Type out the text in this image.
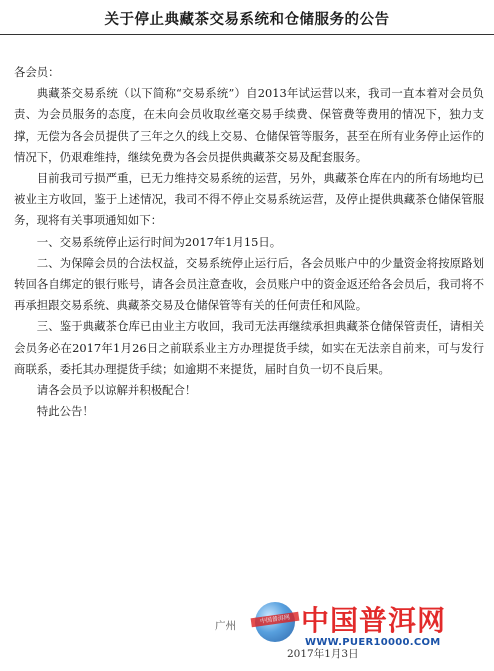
关于停止典藏茶交易系统和仓储服务的公告

各会员：

典藏茶交易系统（以下简称“交易系统”）自2013年试运营以来，我司一直本着对会员负责、为会员服务的态度，在未向会员收取丝毫交易手续费、保管费等费用的情况下，独力支撑，无偿为各会员提供了三年之久的线上交易、仓储保管等服务，甚至在所有业务停止运作的情况下，仍艰难维持，继续免费为各会员提供典藏茶交易及配套服务。

目前我司亏损严重，已无力维持交易系统的运营，另外，典藏茶仓库在内的所有场地均已被业主方收回，鉴于上述情况，我司不得不停止交易系统运营，及停止提供典藏茶仓储保管服务，现将有关事项通知如下：

一、交易系统停止运行时间为2017年1月15日。

二、为保障会员的合法权益，交易系统停止运行后，各会员账户中的少量资金将按原路划转回各自绑定的银行账号，请各会员注意查收，会员账户中的资金返还给各会员后，我司将不再承担跟交易系统、典藏茶交易及仓储保管等有关的任何责任和风险。

三、鉴于典藏茶仓库已由业主方收回，我司无法再继续承担典藏茶仓储保管责任，请相关会员务必在2017年1月26日之前联系业主方办理提货手续，如实在无法亲自前来，可与发行商联系，委托其办理提货手续；如逾期不来提货，届时自负一切不良后果。

请各会员予以谅解并积极配合！

特此公告！

广州
2017年1月3日
中国普洱网 中国普洱网
WWW.PUER10000.COM
